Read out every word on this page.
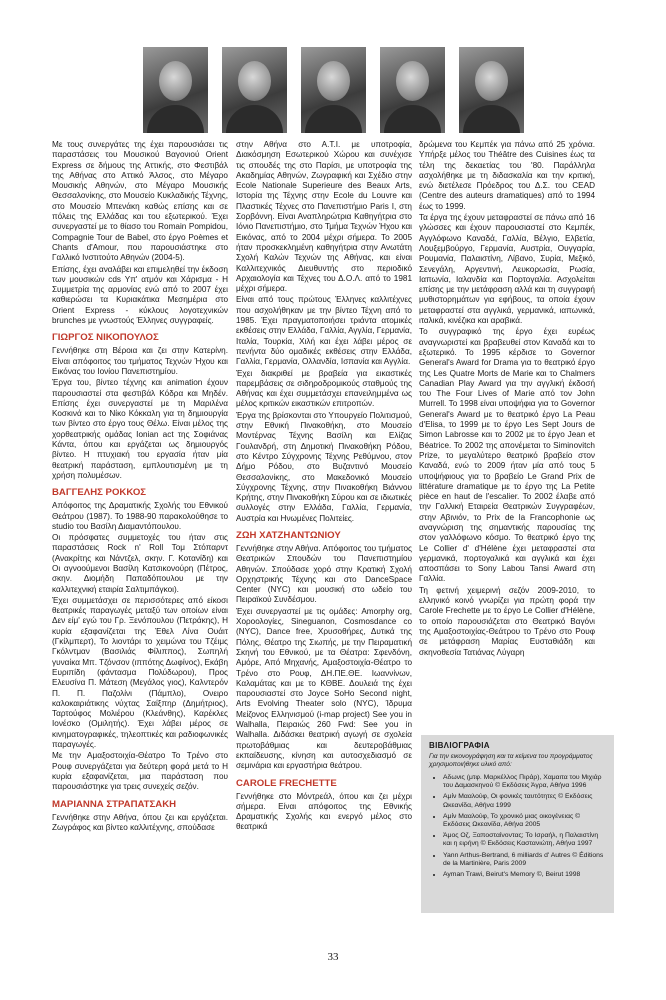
Με τους συνεργάτες της έχει παρουσιάσει τις παραστάσεις του Μουσικού Βαγονιού Orient Express σε δήμους της Αττικής, στο Φεστιβάλ της Αθήνας στο Αττικό Άλσος, στο Μέγαρο Μουσικής Αθηνών, στο Μέγαρο Μουσικής Θεσσαλονίκης, στο Μουσείο Κυκλαδικής Τέχνης, στο Μουσείο Μπενάκη καθώς επίσης και σε πόλεις της Ελλάδας και του εξωτερικού. Έχει συνεργαστεί με το θίασο του Romain Pompidou, Compagnie Tour de Babel, στο έργο Poèmes et Chants d'Amour, που παρουσιάστηκε στο Γαλλικό Ινστιτούτο Αθηνών (2004-5).

Επίσης, έχει αναλάβει και επιμεληθεί την έκδοση των μουσικών cds Υπ' ατμόν και Χάρισμα - Η Συμμετρία της αρμονίας ενώ από το 2007 έχει καθιερώσει τα Κυριακάτικα Μεσημέρια στο Orient Express - κύκλους λογοτεχνικών brunches με γνωστούς Έλληνες συγγραφείς.

ΓΙΩΡΓΟΣ ΝΙΚΟΠΟΥΛΟΣ

Γεννήθηκε στη Βέροια και ζει στην Κατερίνη. Είναι απόφοιτος του τμήματος Τεχνών Ήχου και Εικόνας του Ιονίου Πανεπιστημίου.

Έργα του, βίντεο τέχνης και animation έχουν παρουσιαστεί στα φεστιβάλ Κόδρα και Μηδέν. Επίσης έχει συνεργαστεί με τη Μαριλένα Κοσκινά και το Νίκο Κόκκαλη για τη δημιουργία των βίντεο στο έργο τους Θέλω. Είναι μέλος της χορθεατρικής ομάδας Ionian act της Σοφιάνας Κάντα, όπου και εργάζεται ως δημιουργός βίντεο. Η πτυχιακή του εργασία ήταν μία θεατρική παράσταση, εμπλουτισμένη με τη χρήση πολυμέσων.

ΒΑΓΓΕΛΗΣ ΡΟΚΚΟΣ

Απόφοιτος της Δραματικής Σχολής του Εθνικού Θεάτρου (1987). Το 1988-90 παρακολούθησε το studio του Βασίλη Διαμαντόπουλου.

Οι πρόσφατες συμμετοχές του ήταν στις παραστάσεις Rock n' Roll Τομ Στόπαρντ (Ανακρίτης και Νάντζελ, σκην. Γ. Κοτανίδη) και Οι αγνοούμενοι Βασίλη Κατσικονούρη (Πέτρος, σκην. Διομήδη Παπαδόπουλου με την καλλιτεχνική εταιρία Σαλτιμπάγκοι).

Έχει συμμετάσχει σε περισσότερες από είκοσι θεατρικές παραγωγές μεταξύ των οποίων είναι Δεν είμ' εγώ του Γρ. Ξενόπουλου (Πετράκης), Η κυρία εξαφανίζεται της Έθελ Λίνα Ουάιτ (Γκίλμπερτ), Το λιοντάρι το χειμώνα του Τζέιμς Γκόλντμαν (Βασιλιάς Φίλιππος), Σωπηλή γυναίκα Μπ. Τζόνσον (ιππότης Δωφίνος), Εκάβη Ευριπίδη (φάντασμα Πολύδωρου), Προς Ελευσίνα Π. Μάτεση (Μεγάλος γιος), Καλντερόν Π. Π. Παζολίνι (Πάμπλο), Ονειρο καλοκαιριάτικης νύχτας Σαίξπηρ (Δημήτριος), Ταρτούφος Μολιέρου (Κλεάνθης), Καρέκλες Ιονέσκο (Ομιλητής). Έχει λάβει μέρος σε κινηματογραφικές, τηλεοπτικές και ραδιοφωνικές παραγωγές.

Με την Αμαξοστοιχία-Θέατρο Το Τρένο στο Ρουφ συνεργάζεται για δεύτερη φορά μετά το Η κυρία εξαφανίζεται, μια παράσταση που παρουσιάστηκε για τρεις συνεχείς σεζόν.

ΜΑΡΙΑΝΝΑ ΣΤΡΑΠΑΤΣΑΚΗ

Γεννήθηκε στην Αθήνα, όπου ζει και εργάζεται. Ζωγράφος και βίντεο καλλιτέχνης, σπούδασε

στην Αθήνα στο Α.Τ.Ι. με υποτροφία, Διακόσμηση Εσωτερικού Χώρου και συνέχισε τις σπουδές της στο Παρίσι, με υποτροφία της Ακαδημίας Αθηνών, Ζωγραφική και Σχέδιο στην Ecole Nationale Superieure des Beaux Arts, Ιστορία της Τέχνης στην Ecole du Louvre και Πλαστικές Τέχνες στο Πανεπιστήμιο Paris I, στη Σορβόννη. Είναι Αναπληρώτρια Καθηγήτρια στο Ιόνιο Πανεπιστήμιο, στο Τμήμα Τεχνών Ήχου και Εικόνας, από το 2004 μέχρι σήμερα. Το 2005 ήταν προσκεκλημένη καθηγήτρια στην Ανωτάτη Σχολή Καλών Τεχνών της Αθήνας, και είναι Καλλιτεχνικός Διευθυντής στο περιοδικό Αρχαιολογία και Τέχνες του Δ.Ο.Λ. από το 1981 μέχρι σήμερα.

Είναι από τους πρώτους Έλληνες καλλιτέχνες που ασχολήθηκαν με την βίντεο Τέχνη από το 1985. Έχει πραγματοποιήσει τριάντα ατομικές εκθέσεις στην Ελλάδα, Γαλλία, Αγγλία, Γερμανία, Ιταλία, Τουρκία, Χιλή και έχει λάβει μέρος σε πενήντα δύο ομαδικές εκθέσεις στην Ελλάδα, Γαλλία, Γερμανία, Ολλανδία, Ισπανία και Αγγλία.

Έχει διακριθεί με βραβεία για εικαστικές παρεμβάσεις σε σιδηροδρομικούς σταθμούς της Αθήνας και έχει συμμετάσχει επανειλημμένα ως μέλος κριτικών εικαστικών επιτροπών.

Έργα της βρίσκονται στο Υπουργείο Πολιτισμού, στην Εθνική Πινακοθήκη, στο Μουσείο Μοντέρνας Τέχνης Βασίλη και Ελίζας Γουλανδρή, στη Δημοτική Πινακοθήκη Ρόδου, στο Κέντρο Σύγχρονης Τέχνης Ρεθύμνου, στον Δήμο Ρόδου, στο Βυζαντινό Μουσείο Θεσσαλονίκης, στο Μακεδονικό Μουσείο Σύγχρονης Τέχνης, στην Πινακοθήκη Βιάννου Κρήτης, στην Πινακοθήκη Σύρου και σε ιδιωτικές συλλογές στην Ελλάδα, Γαλλία, Γερμανία, Αυστρία και Ηνωμένες Πολιτείες.

ΖΩΗ ΧΑΤΖΗΑΝΤΩΝΙΟΥ

Γεννήθηκε στην Αθήνα. Απόφοιτος του τμήματος Θεατρικών Σπουδών του Πανεπιστημίου Αθηνών. Σπούδασε χορό στην Κρατική Σχολή Ορχηστρικής Τέχνης και στο DanceSpace Center (NYC) και μουσική στο ωδείο του Πειραϊκού Συνδέσμου.

Έχει συνεργαστεί με τις ομάδες: Amorphy org, Χοροολογίες, Sineguanon, Cosmosdance co (NYC), Dance free, Χρυσοθήρες, Δυτικά της Πόλης, Θέατρο της Σιωπής, με την Πειραματική Σκηνή του Εθνικού, με τα Θέατρα: Σφενδόνη, Αμόρε, Από Μηχανής, Αμαξοστοιχία-Θέατρο το Τρένο στο Ρουφ, ΔΗ.ΠΕ.ΘΕ. Ιωαννίνων, Καλαμάτας και με το ΚΘΒΕ. Δουλειά της έχει παρουσιαστεί στο Joyce SoHo Second night, Arts Evolving Theater solo (NYC), Ίδρυμα Μείζονος Ελληνισμού (i-map project) See you in Walhalla, Πειραιώς 260 Fwd: See you in Walhalla. Διδάσκει θεατρική αγωγή σε σχολεία πρωτοβάθμιας και δευτεροβάθμιας εκπαίδευσης, κίνηση και αυτοσχεδιασμό σε σεμινάρια και εργαστήρια θεάτρου.

CAROLE FRECHETTE

Γεννήθηκε στο Μόντρεάλ, όπου και ζει μέχρι σήμερα. Είναι απόφοιτος της Εθνικής Δραματικής Σχολής και ενεργό μέλος στο θεατρικά

δρώμενα του Κεμπέκ για πάνω από 25 χρόνια. Υπήρξε μέλος του Théâtre des Cuisines έως τα τέλη της δεκαετίας του '80. Παράλληλα ασχολήθηκε με τη διδασκαλία και την κριτική, ενώ διετέλεσε Πρόεδρος του Δ.Σ. του CEAD (Centre des auteurs dramatiques) από το 1994 έως το 1999.

Τα έργα της έχουν μεταφραστεί σε πάνω από 16 γλώσσες και έχουν παρουσιαστεί στο Κεμπέκ, Αγγλόφωνο Καναδά, Γαλλία, Βέλγιο, Ελβετία, Λουξεμβούργο, Γερμανία, Αυστρία, Ουγγαρία, Ρουμανία, Παλαιστίνη, Λίβανο, Συρία, Μεξικό, Σενεγάλη, Αργεντινή, Λευκορωσία, Ρωσία, Ιαπωνία, Ιαλανδία και Πορτογαλία. Ασχολείται επίσης με την μετάφραση αλλά και τη συγγραφή μυθιστορημάτων για εφήβους, τα οποία έχουν μεταφραστεί στα αγγλικά, γερμανικά, ιαπωνικά, ιταλικά, κινέζικα και αραβικά.

Το συγγραφικό της έργο έχει ευρέως αναγνωριστεί και βραβευθεί στον Καναδά και το εξωτερικό. Το 1995 κέρδισε το Governor General's Award for Drama για το θεατρικό έργο της Les Quatre Morts de Marie και το Chalmers Canadian Play Award για την αγγλική έκδοσή του The Four Lives of Marie από τον John Murrell. Το 1998 είναι υποψήφια για το Governor General's Award με το θεατρικό έργο La Peau d'Elisa, το 1999 με το έργο Les Sept Jours de Simon Labrosse και το 2002 με το έργο Jean et Béatrice. Το 2002 της απονέμεται το Siminovitch Prize, το μεγαλύτερο θεατρικό βραβείο στον Καναδά, ενώ το 2009 ήταν μία από τους 5 υποψήφιους για το βραβείο Le Grand Prix de littérature dramatique με το έργο της La Petite pièce en haut de l'escalier. Το 2002 έλαβε από την Γαλλική Εταιρεία Θεατρικών Συγγραφέων, στην Αβινιόν, το Prix de la Francophonie ως αναγνώριση της σημαντικής παρουσίας της στον γαλλόφωνο κόσμο. Το θεατρικό έργο της Le Collier d' d'Hélène έχει μεταφραστεί στα γερμανικά, πορτογαλικά και αγγλικά και έχει αποσπάσει το Sony Labou Tansi Award στη Γαλλία.

Τη φετινή χειμερινή σεζόν 2009-2010, το ελληνικό κοινό γνωρίζει για πρώτη φορά την Carole Frechette με το έργο Le Collier d'Hélène, το οποίο παρουσιάζεται στο Θεατρικό Βαγόνι της Αμαξοστοιχίας-Θεάτρου το Τρένο στο Ρουφ σε μετάφραση Μαρίας Ευσταθιάδη και σκηνοθεσία Τατιάνας Λύγαρη

ΒΙΒΛΙΟΓΡΑΦΙΑ
Για την εικονογράφηση και τα κείμενα του προγράμματος χρησιμοποιήθηκε υλικό από:
• Αδωνις (μτφ. Μαρκέλλος Πιράρ), Χαμαιτα του Μιχιάρ του Δαμασκηνού © Εκδόσεις Άγρα, Αθήνα 1996
• Αμίν Μααλούφ, Οι φονικές ταυτότητες © Εκδόσεις Ωκεανίδα, Αθήνα 1999
• Αμίν Μααλούφ, Το χρονικό μιας οικογένειας © Εκδόσεις Ωκεανίδα, Αθήνα 2005
• Άμος Οζ, Ξαποσταίνοντας; Το Ισραήλ, η Παλαιστίνη και η ειρήνη © Εκδόσεις Καστανιώτη, Αθήνα 1997
• Yann Arthus-Bertrand, 6 milliards d' Autres © Éditions de la Martinière, Paris 2009
• Ayman Trawi, Beirut's Memory ©, Beirut 1998
33
